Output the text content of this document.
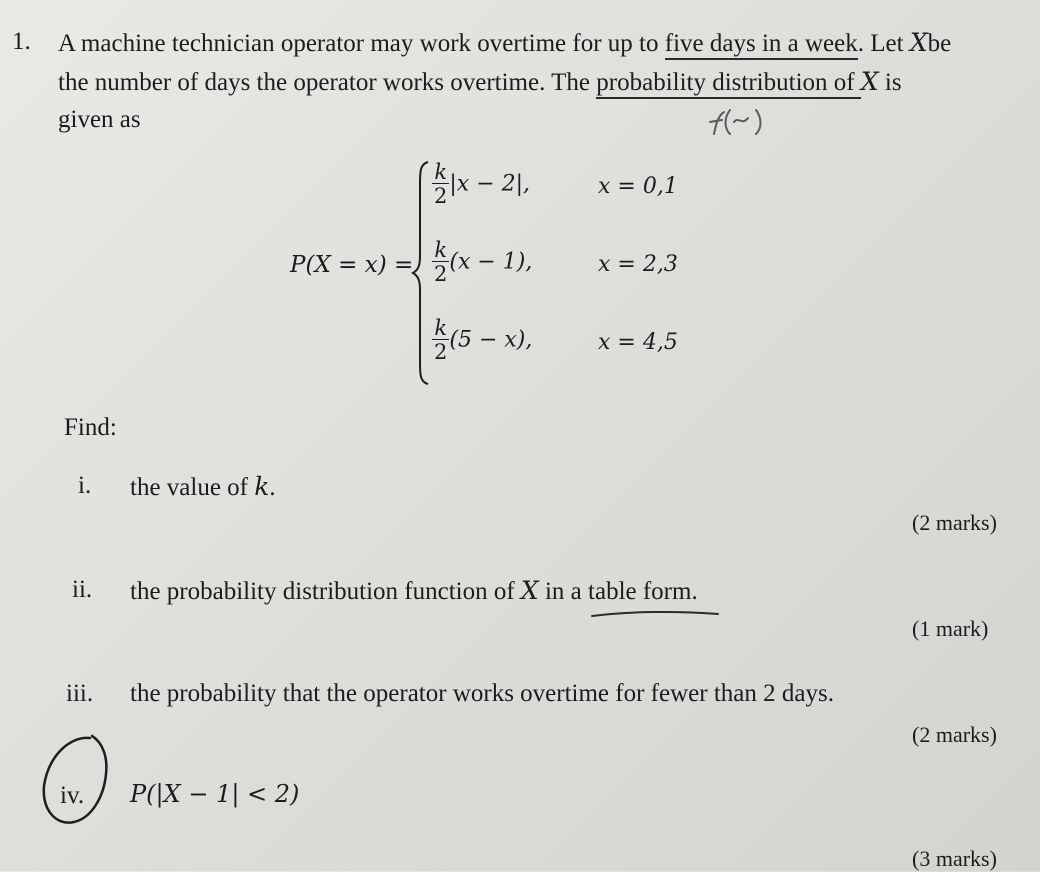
1. A machine technician operator may work overtime for up to five days in a week. Let Xbe
the number of days the operator works overtime. The probability distribution of X is
given as
P(X = x) =
$\frac{k}{2} |x - 2|$,	x = 0,1
$\frac{k}{2} (x - 1)$,	x = 2,3
$\frac{k}{2} (5 - x)$,	x = 4,5
Find:
i. the value of k.
(2 marks)
ii. the probability distribution function of X in a table form.
(1 mark)
iii. the probability that the operator works overtime for fewer than 2 days.
(2 marks)
iv. P(|X − 1| < 2)
(3 marks)
